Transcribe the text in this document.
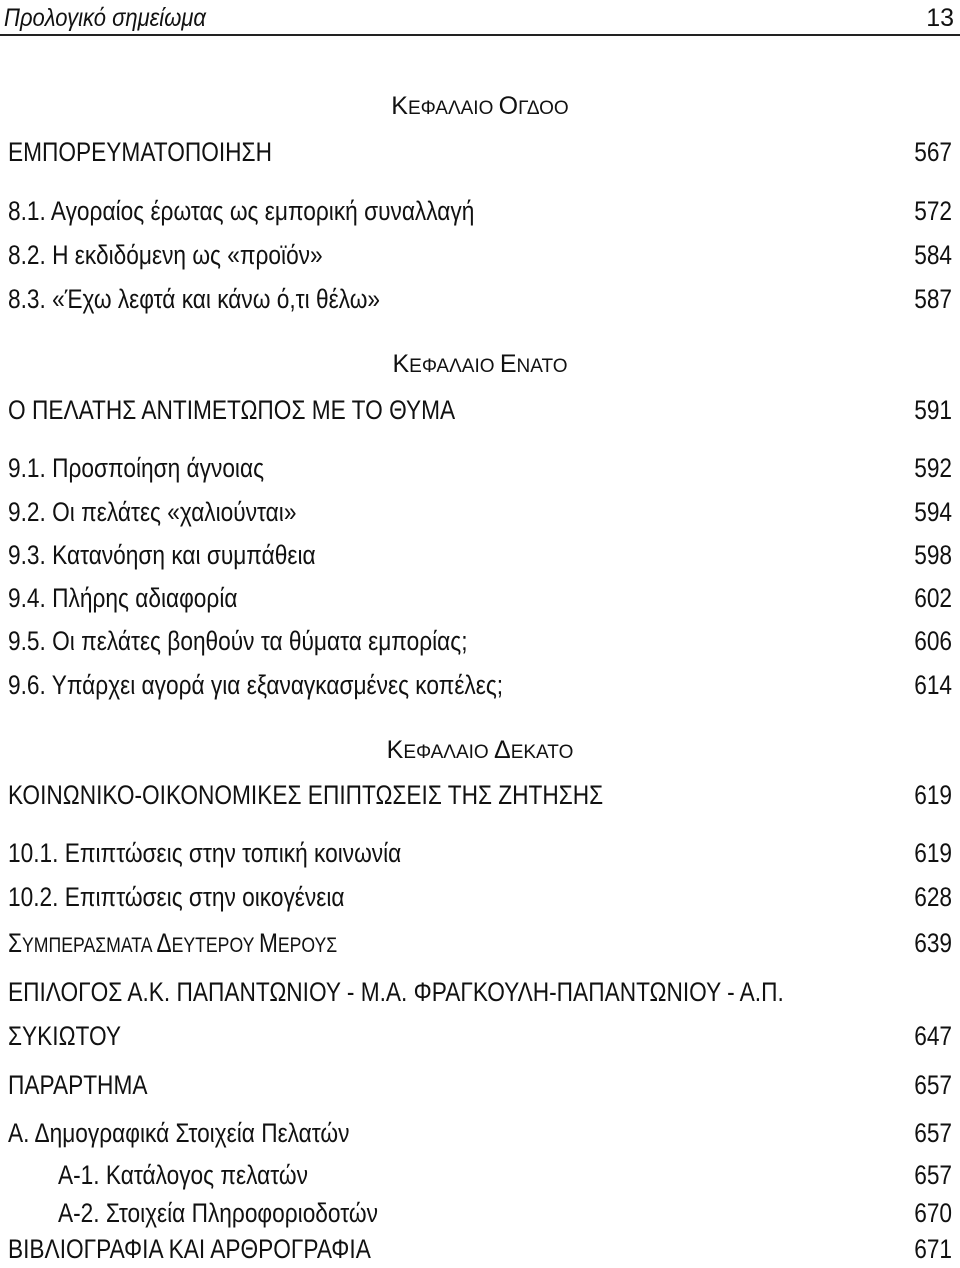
Προλογικό σημείωμα	13
ΚΕΦΑΛΑΙΟ ΟΓΔΟΟ
ΕΜΠΟΡΕΥΜΑΤΟΠΟΙΗΣΗ	567
8.1. Αγοραίος έρωτας ως εμπορική συναλλαγή	572
8.2. Η εκδιδόμενη ως «προϊόν»	584
8.3. «Έχω λεφτά και κάνω ό,τι θέλω»	587
ΚΕΦΑΛΑΙΟ ΕΝΑΤΟ
Ο ΠΕΛΑΤΗΣ ΑΝΤΙΜΕΤΩΠΟΣ ΜΕ ΤΟ ΘΥΜΑ	591
9.1. Προσποίηση άγνοιας	592
9.2. Οι πελάτες «χαλιούνται»	594
9.3. Κατανόηση και συμπάθεια	598
9.4. Πλήρης αδιαφορία	602
9.5. Οι πελάτες βοηθούν τα θύματα εμπορίας;	606
9.6. Υπάρχει αγορά για εξαναγκασμένες κοπέλες;	614
ΚΕΦΑΛΑΙΟ ΔΕΚΑΤΟ
ΚΟΙΝΩΝΙΚΟ-ΟΙΚΟΝΟΜΙΚΕΣ ΕΠΙΠΤΩΣΕΙΣ ΤΗΣ ΖΗΤΗΣΗΣ	619
10.1. Επιπτώσεις στην τοπική κοινωνία	619
10.2. Επιπτώσεις στην οικογένεια	628
ΣΥΜΠΕΡΑΣΜΑΤΑ ΔΕΥΤΕΡΟΥ ΜΕΡΟΥΣ	639
ΕΠΙΛΟΓΟΣ Α.Κ. ΠΑΠΑΝΤΩΝΙΟΥ - Μ.Α. ΦΡΑΓΚΟΥΛΗ-ΠΑΠΑΝΤΩΝΙΟΥ - Α.Π.
ΣΥΚΙΩΤΟΥ	647
ΠΑΡΑΡΤΗΜΑ	657
Α. Δημογραφικά Στοιχεία Πελατών	657
Α-1. Κατάλογος πελατών	657
Α-2. Στοιχεία Πληροφοριοδοτών	670
ΒΙΒΛΙΟΓΡΑΦΙΑ ΚΑΙ ΑΡΘΡΟΓΡΑΦΙΑ	671
